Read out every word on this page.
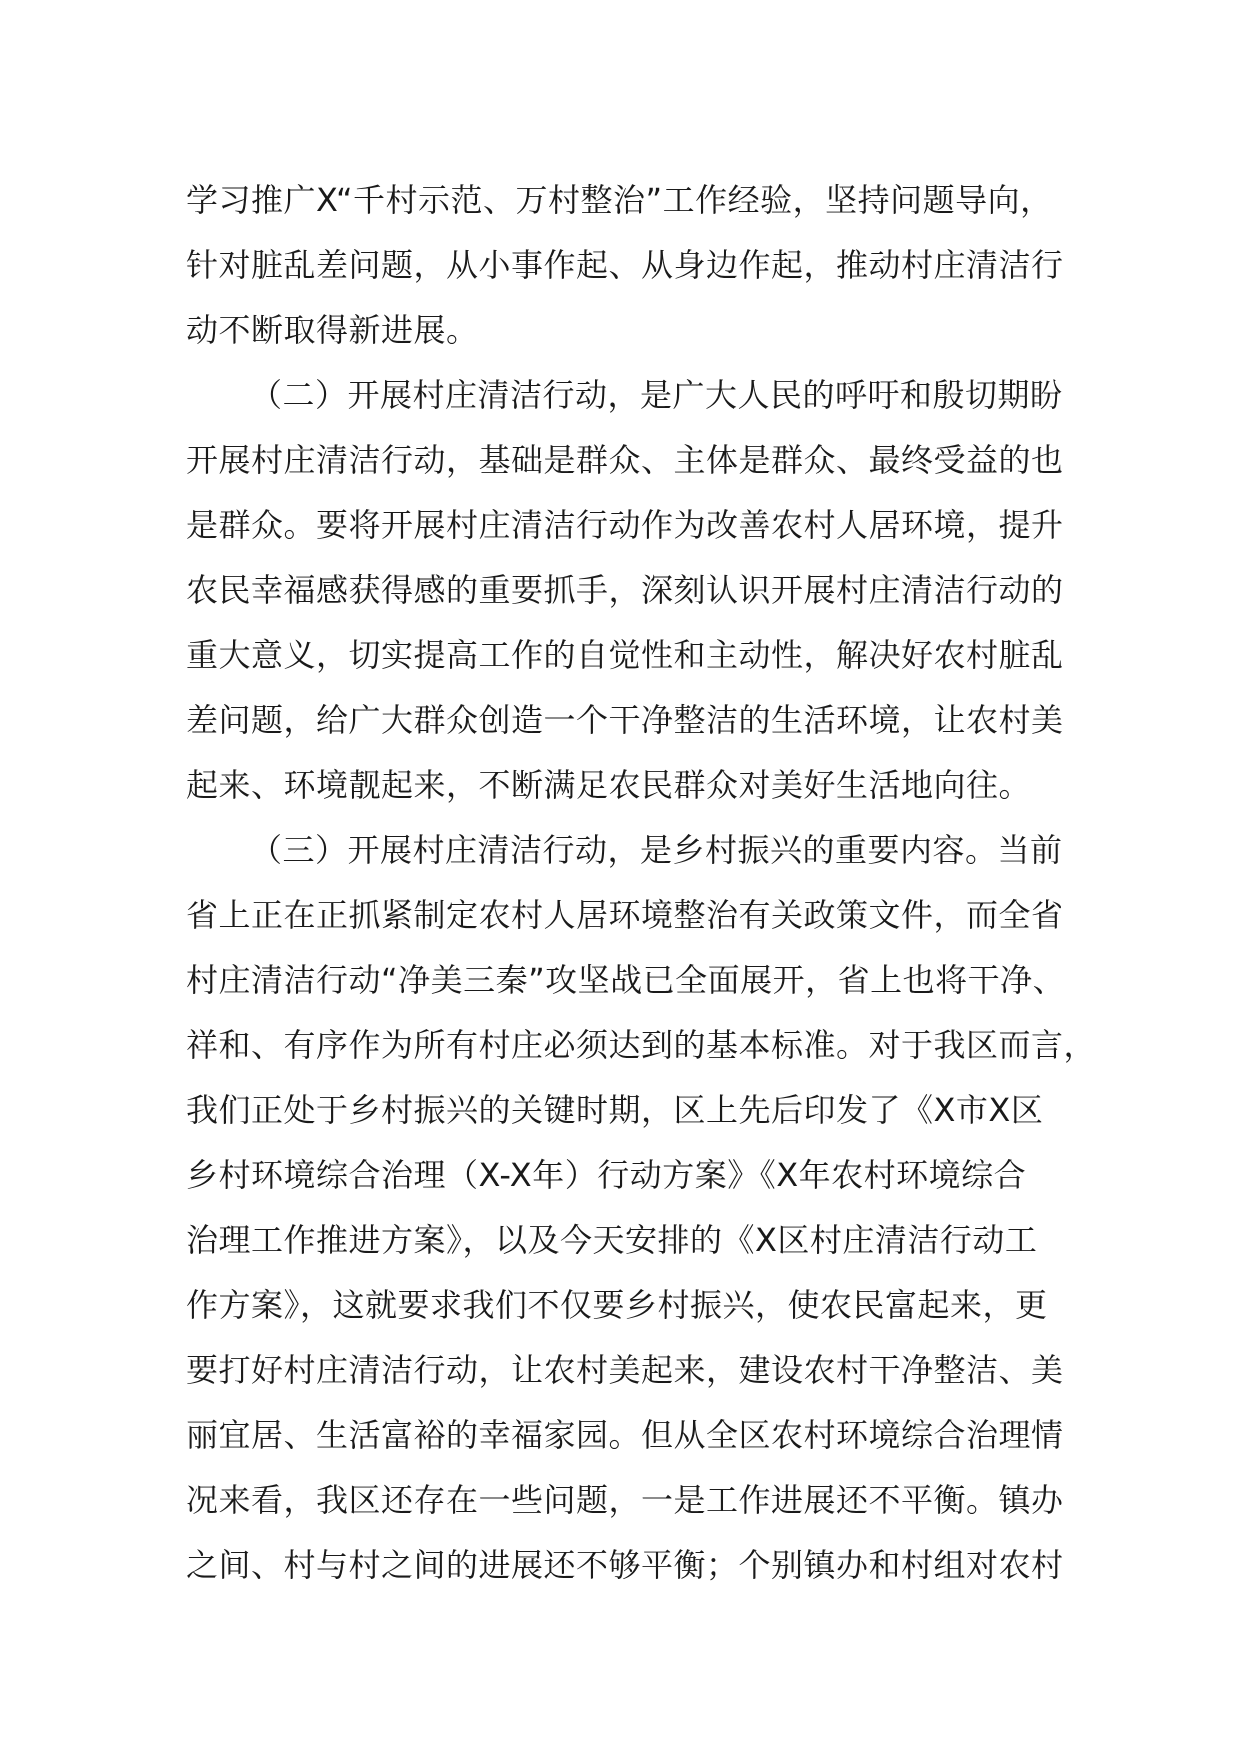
学习推广X“千村示范、万村整治”工作经验，坚持问题导向，
针对脏乱差问题，从小事作起、从身边作起，推动村庄清洁行
动不断取得新进展。
（二）开展村庄清洁行动，是广大人民的呼吁和殷切期盼
开展村庄清洁行动，基础是群众、主体是群众、最终受益的也
是群众。要将开展村庄清洁行动作为改善农村人居环境，提升
农民幸福感获得感的重要抓手，深刻认识开展村庄清洁行动的
重大意义，切实提高工作的自觉性和主动性，解决好农村脏乱
差问题，给广大群众创造一个干净整洁的生活环境，让农村美
起来、环境靓起来，不断满足农民群众对美好生活地向往。
（三）开展村庄清洁行动，是乡村振兴的重要内容。当前
省上正在正抓紧制定农村人居环境整治有关政策文件，而全省
村庄清洁行动“净美三秦”攻坚战已全面展开，省上也将干净、
祥和、有序作为所有村庄必须达到的基本标准。对于我区而言，
我们正处于乡村振兴的关键时期，区上先后印发了《X市X区
乡村环境综合治理（X-X年）行动方案》《X年农村环境综合
治理工作推进方案》，以及今天安排的《X区村庄清洁行动工
作方案》，这就要求我们不仅要乡村振兴，使农民富起来，更
要打好村庄清洁行动，让农村美起来，建设农村干净整洁、美
丽宜居、生活富裕的幸福家园。但从全区农村环境综合治理情
况来看，我区还存在一些问题，一是工作进展还不平衡。镇办
之间、村与村之间的进展还不够平衡；个别镇办和村组对农村
